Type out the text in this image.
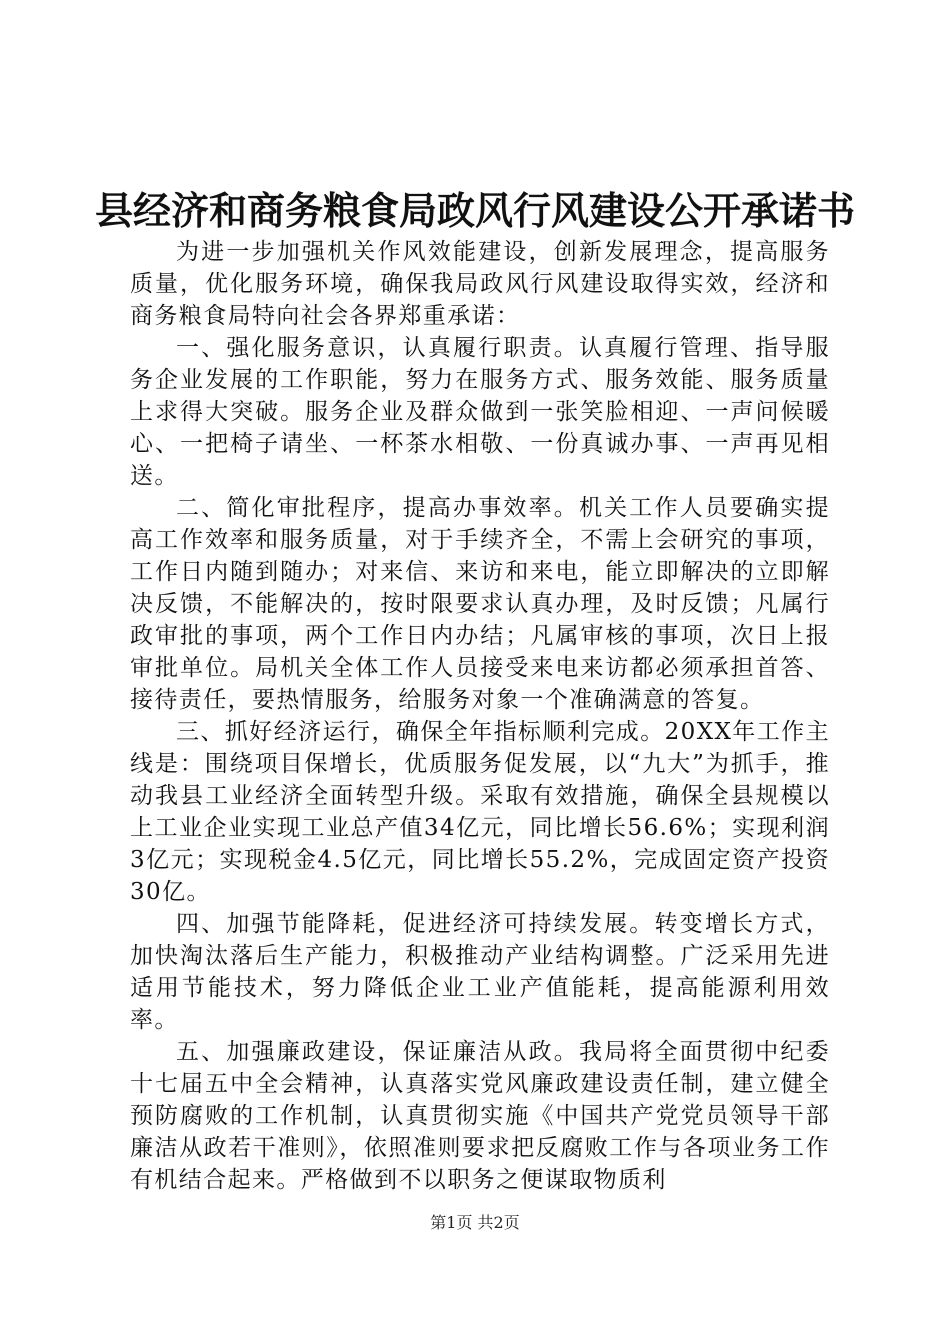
县经济和商务粮食局政风行风建设公开承诺书

为进一步加强机关作风效能建设，创新发展理念，提高服务质量，优化服务环境，确保我局政风行风建设取得实效，经济和商务粮食局特向社会各界郑重承诺：

一、强化服务意识，认真履行职责。认真履行管理、指导服务企业发展的工作职能，努力在服务方式、服务效能、服务质量上求得大突破。服务企业及群众做到一张笑脸相迎、一声问候暖心、一把椅子请坐、一杯茶水相敬、一份真诚办事、一声再见相送。

二、简化审批程序，提高办事效率。机关工作人员要确实提高工作效率和服务质量，对于手续齐全，不需上会研究的事项，工作日内随到随办；对来信、来访和来电，能立即解决的立即解决反馈，不能解决的，按时限要求认真办理，及时反馈；凡属行政审批的事项，两个工作日内办结；凡属审核的事项，次日上报审批单位。局机关全体工作人员接受来电来访都必须承担首答、接待责任，要热情服务，给服务对象一个准确满意的答复。

三、抓好经济运行，确保全年指标顺利完成。20XX年工作主线是：围绕项目保增长，优质服务促发展，以“九大”为抓手，推动我县工业经济全面转型升级。采取有效措施，确保全县规模以上工业企业实现工业总产值34亿元，同比增长56.6%；实现利润3亿元；实现税金4.5亿元，同比增长55.2%，完成固定资产投资30亿。

四、加强节能降耗，促进经济可持续发展。转变增长方式，加快淘汰落后生产能力，积极推动产业结构调整。广泛采用先进适用节能技术，努力降低企业工业产值能耗，提高能源利用效率。

五、加强廉政建设，保证廉洁从政。我局将全面贯彻中纪委十七届五中全会精神，认真落实党风廉政建设责任制，建立健全预防腐败的工作机制，认真贯彻实施《中国共产党党员领导干部廉洁从政若干准则》，依照准则要求把反腐败工作与各项业务工作有机结合起来。严格做到不以职务之便谋取物质利

第1页 共2页
